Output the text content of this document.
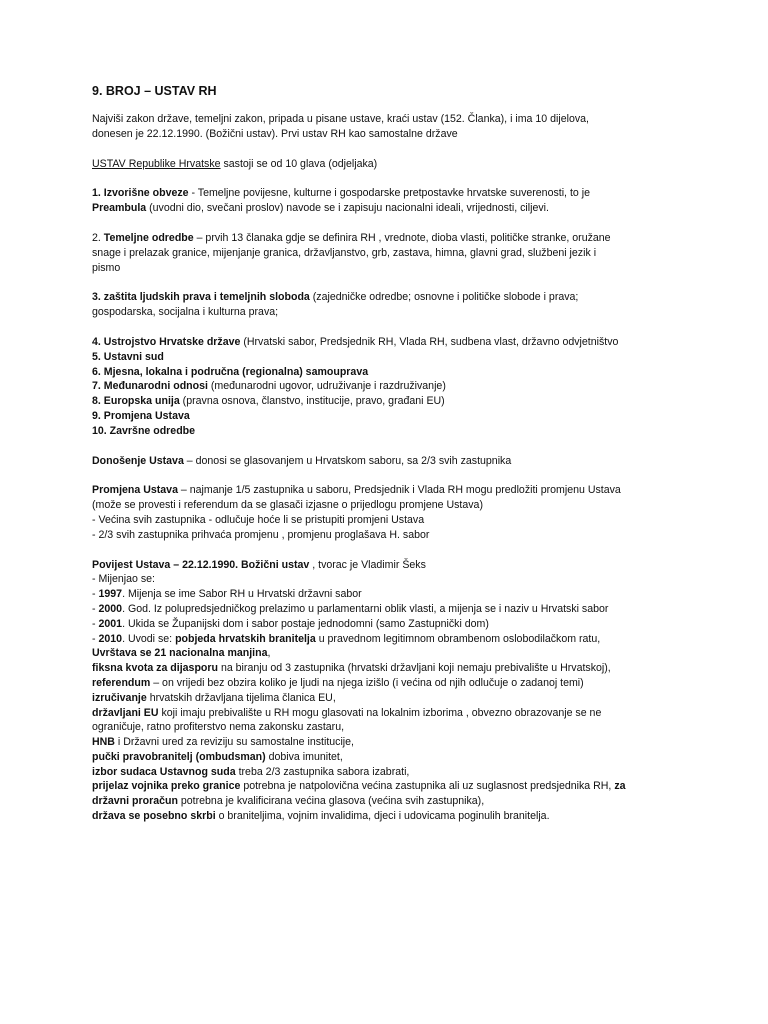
9. BROJ – USTAV RH
Najviši zakon države, temeljni zakon, pripada u pisane ustave, kraći ustav (152. Članka), i ima 10 dijelova,
donesen je 22.12.1990. (Božični ustav). Prvi ustav RH kao samostalne države
USTAV Republike Hrvatske sastoji se od 10 glava (odjeljaka)
1. Izvorišne obveze - Temeljne povijesne, kulturne i gospodarske pretpostavke hrvatske suverenosti, to je
Preambula (uvodni dio, svečani proslov) navode se i zapisuju nacionalni ideali, vrijednosti, ciljevi.
2. Temeljne odredbe – prvih 13 članaka gdje se definira RH , vrednote, dioba vlasti, političke stranke, oružane
snage i prelazak granice, mijenjanje granica, državljanstvo, grb, zastava, himna, glavni grad, službeni jezik i
pismo
3. zaštita ljudskih prava i temeljnih sloboda (zajedničke odredbe; osnovne i političke slobode i prava;
gospodarska, socijalna i kulturna prava;
4. Ustrojstvo Hrvatske države (Hrvatski sabor, Predsjednik RH, Vlada RH, sudbena vlast, državno odvjetništvo
5. Ustavni sud
6. Mjesna, lokalna i područna (regionalna) samouprava
7. Međunarodni odnosi (međunarodni ugovor, udruživanje i razdruživanje)
8. Europska unija (pravna osnova, članstvo, institucije, pravo, građani EU)
9. Promjena Ustava
10. Završne odredbe
Donošenje Ustava – donosi se glasovanjem u Hrvatskom saboru, sa 2/3 svih zastupnika
Promjena Ustava – najmanje 1/5 zastupnika u saboru, Predsjednik i Vlada RH mogu predložiti promjenu Ustava
(može se provesti i referendum da se glasači izjasne o prijedlogu promjene Ustava)
- Većina svih zastupnika - odlučuje hoće li se pristupiti promjeni Ustava
- 2/3 svih zastupnika prihvaća promjenu , promjenu proglašava H. sabor
Povijest Ustava – 22.12.1990. Božični ustav , tvorac je Vladimir Šeks
- Mijenjao se:
- 1997. Mijenja se ime Sabor RH u Hrvatski državni sabor
- 2000. God. Iz polupredsjedničkog prelazimo u parlamentarni oblik vlasti, a mijenja se i naziv u Hrvatski sabor
- 2001. Ukida se Županijski dom i sabor postaje jednodomni (samo Zastupnički dom)
- 2010. Uvodi se: pobjeda hrvatskih branitelja u pravednom legitimnom obrambenom oslobodilačkom ratu,
Uvrštava se 21 nacionalna manjina,
fiksna kvota za dijasporu na biranju od 3 zastupnika (hrvatski državljani koji nemaju prebivalište u Hrvatskoj),
referendum – on vrijedi bez obzira koliko je ljudi na njega izišlo (i većina od njih odlučuje o zadanoj temi)
izručivanje hrvatskih državljana tijelima članica EU,
državljani EU koji imaju prebivalište u RH mogu glasovati na lokalnim izborima , obvezno obrazovanje se ne
ograničuje, ratno profiterstvo nema zakonsku zastaru,
HNB i Državni ured za reviziju su samostalne institucije,
pučki pravobranitelj (ombudsman) dobiva imunitet,
izbor sudaca Ustavnog suda treba 2/3 zastupnika sabora izabrati,
prijelaz vojnika preko granice potrebna je natpolovična većina zastupnika ali uz suglasnost predsjednika RH, za
državni proračun potrebna je kvalificirana većina glasova (većina svih zastupnika),
država se posebno skrbi o braniteljima, vojnim invalidima, djeci i udovicama poginulih branitelja.
